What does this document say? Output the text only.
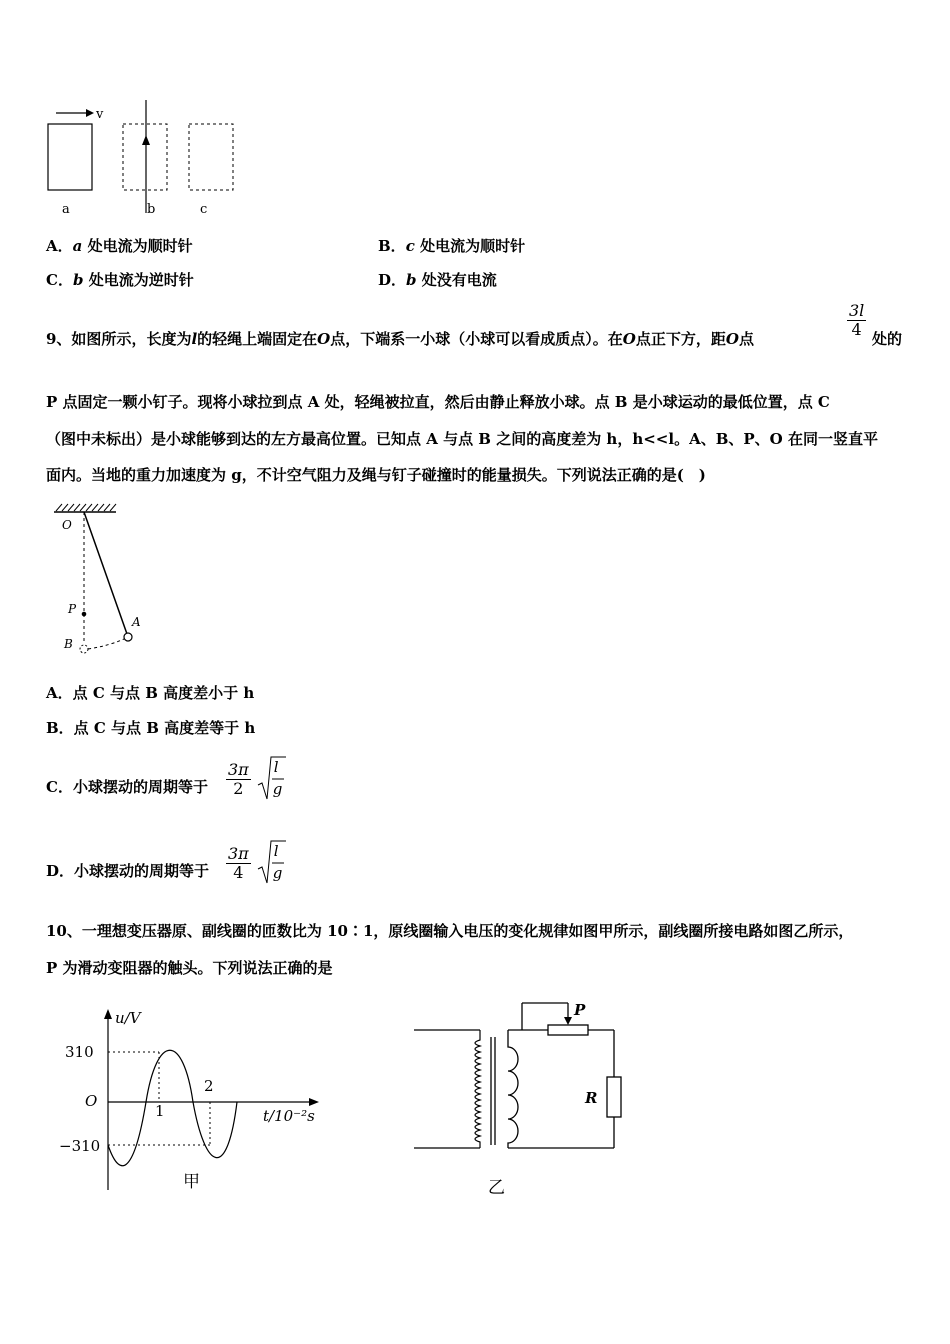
v
a	b	c
A．a 处电流为顺时针	B．c 处电流为顺时针
C．b 处电流为逆时针	D．b 处没有电流
9、如图所示，长度为l的轻绳上端固定在O点，下端系一小球（小球可以看成质点）。在O点正下方，距O点	$\frac{3l}{4}$ 处的
P 点固定一颗小钉子。现将小球拉到点 A 处，轻绳被拉直，然后由静止释放小球。点 B 是小球运动的最低位置，点 C
（图中未标出）是小球能够到达的左方最高位置。已知点 A 与点 B 之间的高度差为 h，h<<l。A、B、P、O 在同一竖直平
面内。当地的重力加速度为 g，不计空气阻力及绳与钉子碰撞时的能量损失。下列说法正确的是(　)
O
P
A
B
A．点 C 与点 B 高度差小于 h
B．点 C 与点 B 高度差等于 h
C．小球摆动的周期等于 $\frac{3\pi}{2}$
l
g
D．小球摆动的周期等于 $\frac{3\pi}{4}$
l
g
10、一理想变压器原、副线圈的匝数比为 10∶1，原线圈输入电压的变化规律如图甲所示，副线圈所接电路如图乙所示，
P 为滑动变阻器的触头。下列说法正确的是
u/V
310
O
−310
1
2
t/10⁻²s
甲
R
P
乙
